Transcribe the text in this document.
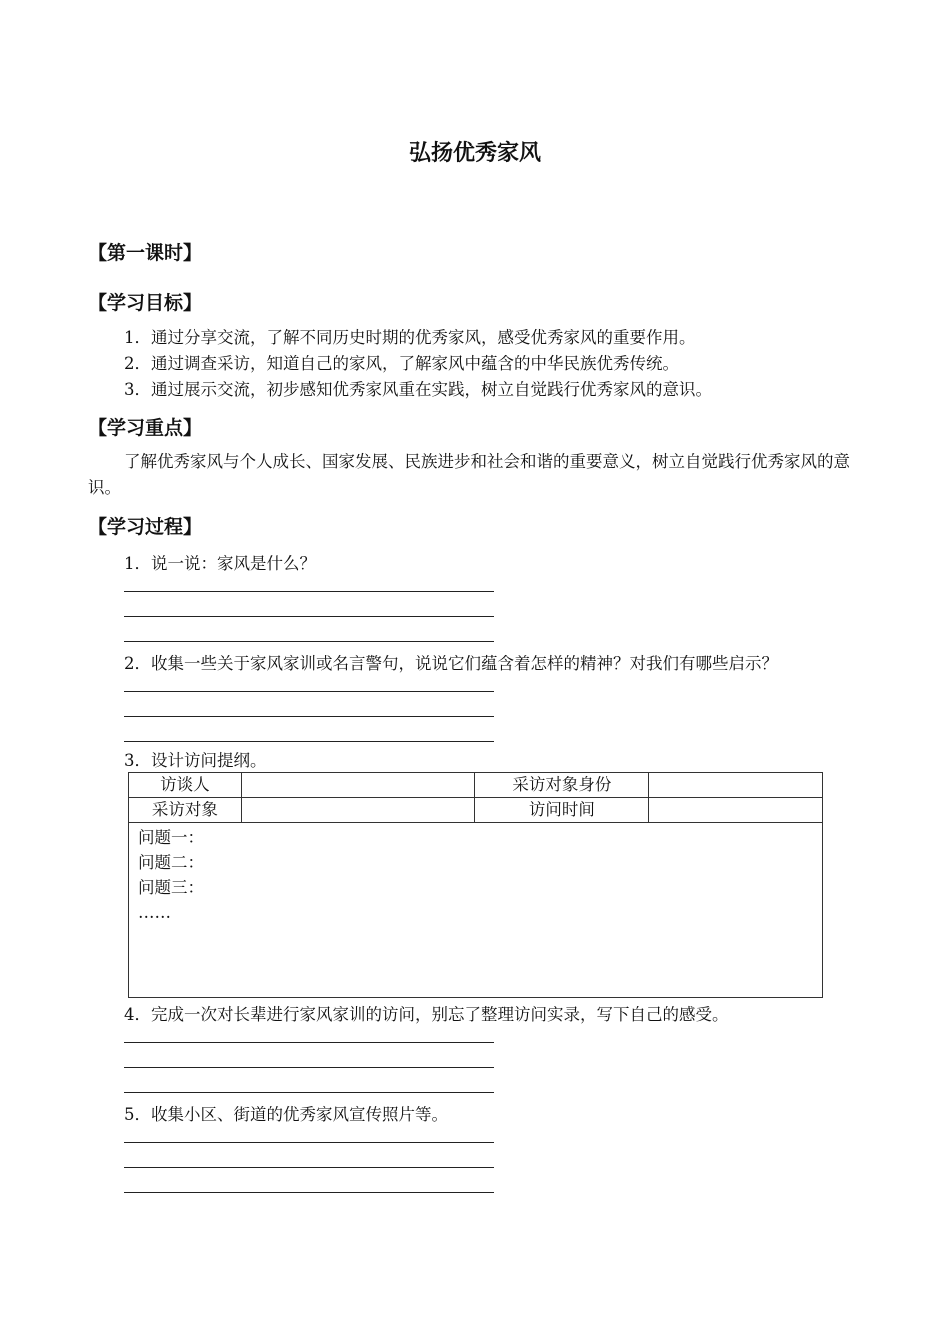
弘扬优秀家风
【第一课时】
【学习目标】
1．通过分享交流，了解不同历史时期的优秀家风，感受优秀家风的重要作用。
2．通过调查采访，知道自己的家风，了解家风中蕴含的中华民族优秀传统。
3．通过展示交流，初步感知优秀家风重在实践，树立自觉践行优秀家风的意识。
【学习重点】
了解优秀家风与个人成长、国家发展、民族进步和社会和谐的重要意义，树立自觉践行优秀家风的意识。
【学习过程】
1．说一说：家风是什么？
2．收集一些关于家风家训或名言警句，说说它们蕴含着怎样的精神？对我们有哪些启示？
3．设计访问提纲。
访谈人		采访对象身份	
采访对象		访问时间	

问题一：
问题二：
问题三：
……			
4．完成一次对长辈进行家风家训的访问，别忘了整理访问实录，写下自己的感受。
5．收集小区、街道的优秀家风宣传照片等。
